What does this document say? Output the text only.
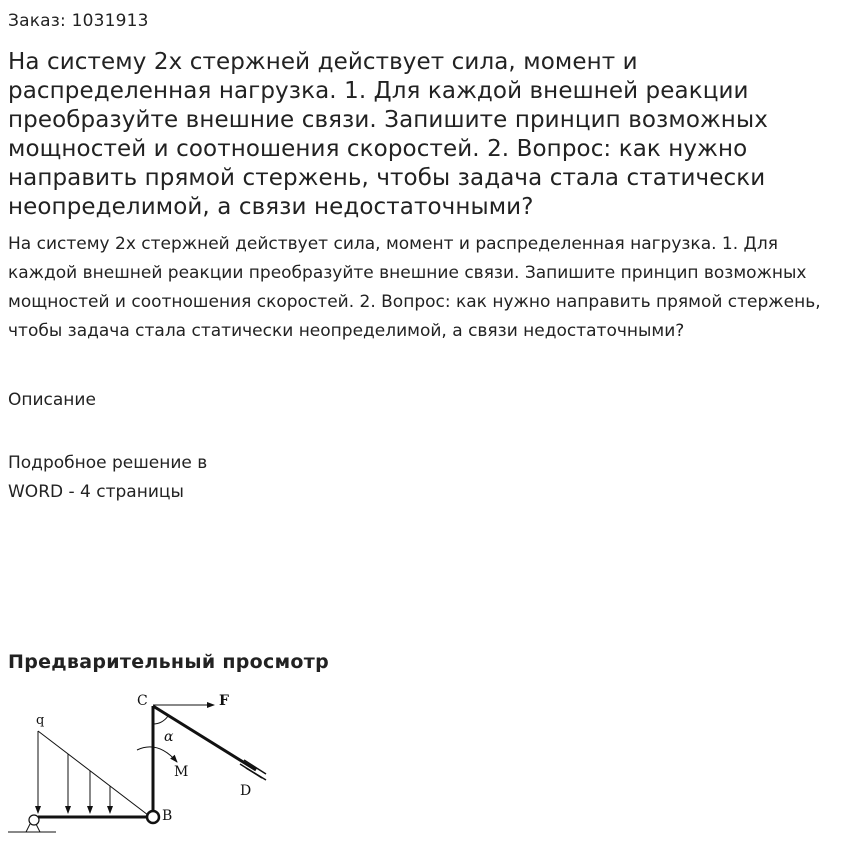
Заказ: 1031913
На систему 2х стержней действует сила, момент и распределенная нагрузка. 1. Для каждой внешней реакции преобразуйте внешние связи. Запишите принцип возможных мощностей и соотношения скоростей. 2. Вопрос: как нужно направить прямой стержень, чтобы задача стала статически неопределимой, а связи недостаточными?

На систему 2х стержней действует сила, момент и распределенная нагрузка. 1. Для каждой внешней реакции преобразуйте внешние связи. Запишите принцип возможных мощностей и соотношения скоростей. 2. Вопрос: как нужно направить прямой стержень, чтобы задача стала статически неопределимой, а связи недостаточными?

Описание
Подробное решение в
WORD - 4 страницы
Предварительный просмотр
q
C	F
α
M
D
B
